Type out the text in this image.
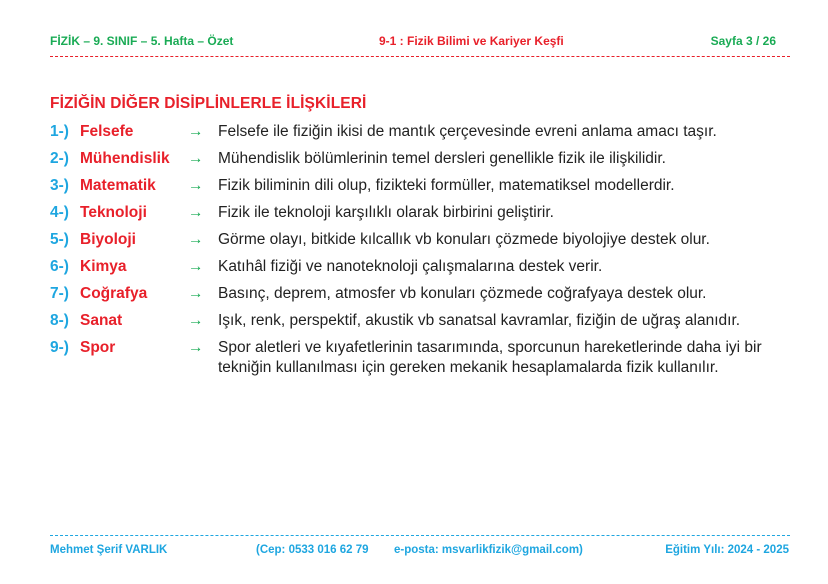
FİZİK – 9. SINIF – 5. Hafta – Özet	9-1 : Fizik Bilimi ve Kariyer Keşfi	Sayfa 3 / 26
FİZİĞİN DİĞER DİSİPLİNLERLE İLİŞKİLERİ
1-) Felsefe	→ Felsefe ile fiziğin ikisi de mantık çerçevesinde evreni anlama amacı taşır.
2-) Mühendislik	→ Mühendislik bölümlerinin temel dersleri genellikle fizik ile ilişkilidir.
3-) Matematik	→ Fizik biliminin dili olup, fizikteki formüller, matematiksel modellerdir.
4-) Teknoloji	→ Fizik ile teknoloji karşılıklı olarak birbirini geliştirir.
5-) Biyoloji	→ Görme olayı, bitkide kılcallık vb konuları çözmede biyolojiye destek olur.
6-) Kimya	→ Katıhâl fiziği ve nanoteknoloji çalışmalarına destek verir.
7-) Coğrafya	→ Basınç, deprem, atmosfer vb konuları çözmede coğrafyaya destek olur.
8-) Sanat	→ Işık, renk, perspektif, akustik vb sanatsal kavramlar, fiziğin de uğraş alanıdır.
9-) Spor	→ Spor aletleri ve kıyafetlerinin tasarımında, sporcunun hareketlerinde daha iyi bir tekniğin kullanılması için gereken mekanik hesaplamalarda fizik kullanılır.
Mehmet Şerif VARLIK	(Cep: 0533 016 62 79 e-posta: msvarlikfizik@gmail.com)	Eğitim Yılı: 2024 - 2025
